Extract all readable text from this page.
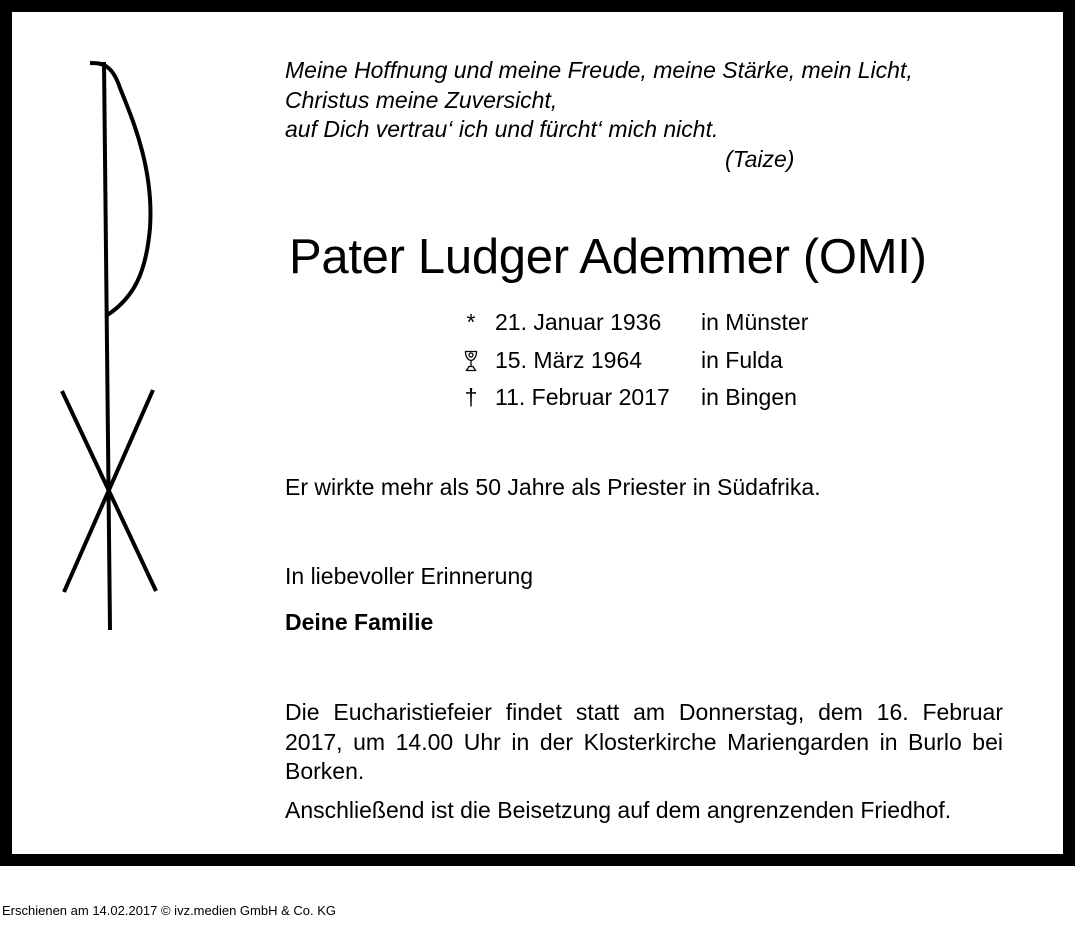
Meine Hoffnung und meine Freude, meine Stärke, mein Licht,
Christus meine Zuversicht,
auf Dich vertrau‘ ich und fürcht‘ mich nicht.
(Taize)
Pater Ludger Ademmer (OMI)
* 21. Januar 1936 in Münster
15. März 1964	in Fulda
† 11. Februar 2017 in Bingen
Er wirkte mehr als 50 Jahre als Priester in Südafrika.
In liebevoller Erinnerung
Deine Familie
Die Eucharistiefeier findet statt am Donnerstag, dem 16. Februar 2017, um 14.00 Uhr in der Klosterkirche Mariengarden in Burlo bei Borken.
Anschließend ist die Beisetzung auf dem angrenzenden Friedhof.
Erschienen am 14.02.2017 © ivz.medien GmbH & Co. KG
